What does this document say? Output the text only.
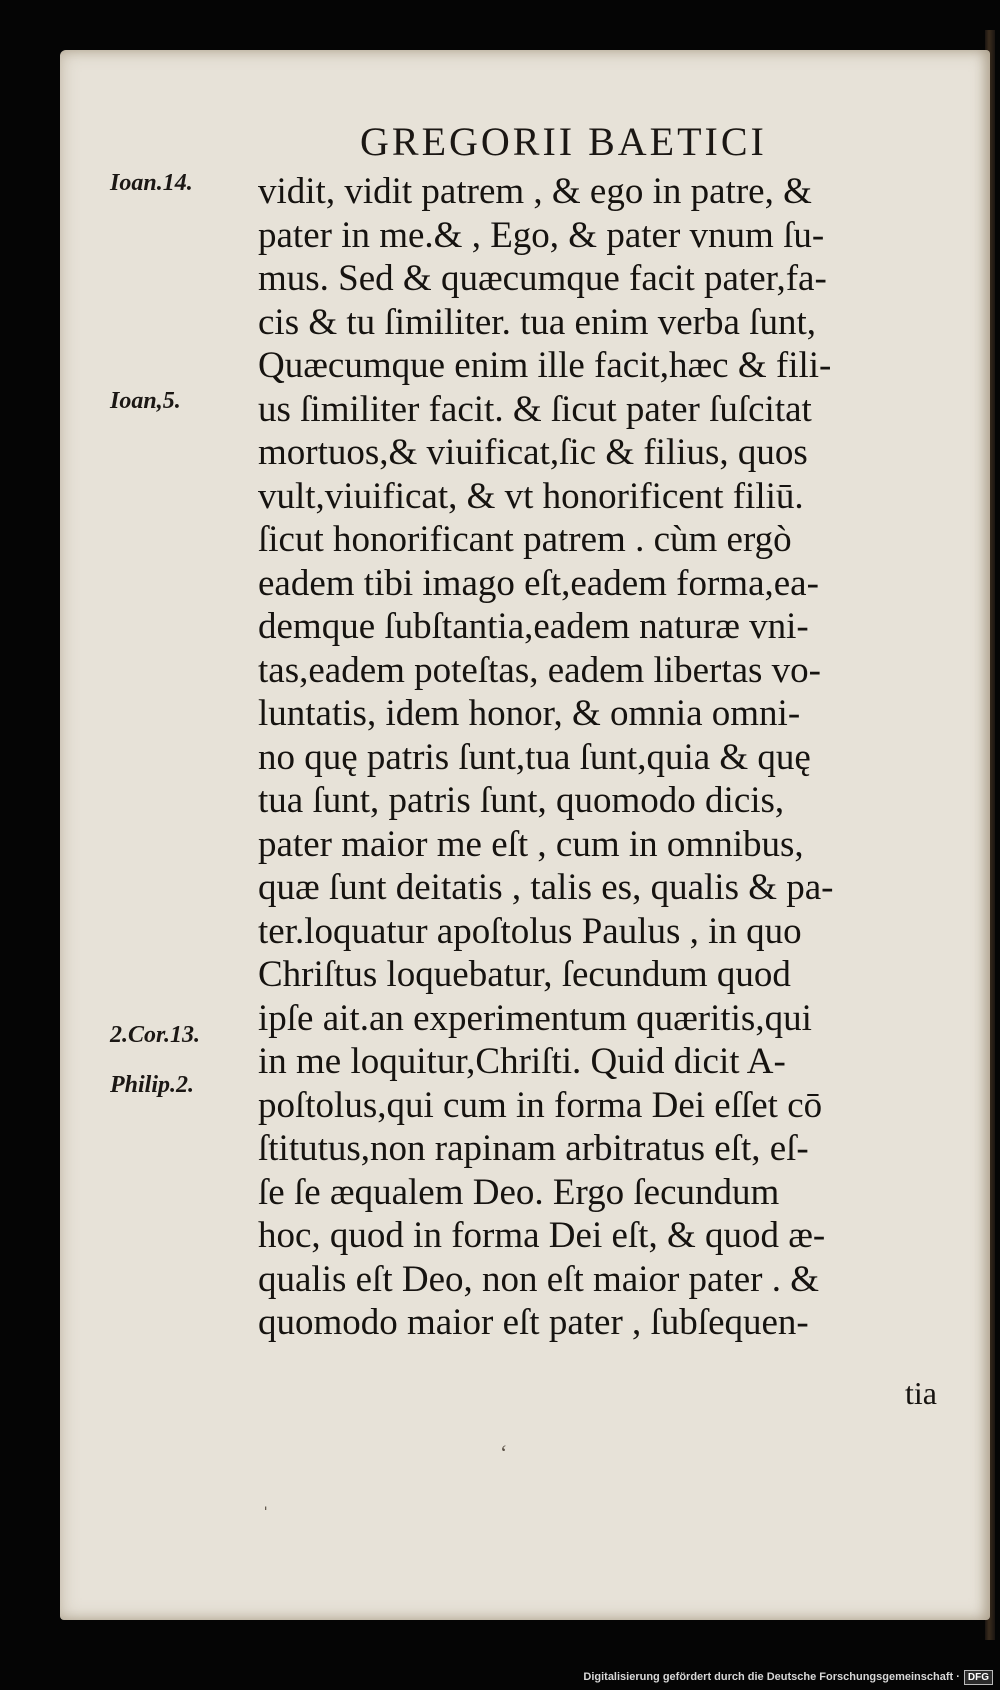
GREGORII BAETICI
Ioan.14.
Ioan,5.
2.Cor.13.
Philip.2.
vidit, vidit patrem , & ego in patre, &
pater in me.& , Ego, & pater vnum ſu-
mus. Sed & quæcumque facit pater,fa-
cis & tu ſimiliter. tua enim verba ſunt,
Quæcumque enim ille facit,hæc & fili-
us ſimiliter facit. & ſicut pater ſuſcitat
mortuos,& viuificat,ſic & filius, quos
vult,viuificat, & vt honorificent filiū.
ſicut honorificant patrem . cùm ergò
eadem tibi imago eſt,eadem forma,ea-
demque ſubſtantia,eadem naturæ vni-
tas,eadem poteſtas, eadem libertas vo-
luntatis, idem honor, & omnia omni-
no quę patris ſunt,tua ſunt,quia & quę
tua ſunt, patris ſunt, quomodo dicis,
pater maior me eſt , cum in omnibus,
quæ ſunt deitatis , talis es, qualis & pa-
ter.loquatur apoſtolus Paulus , in quo
Chriſtus loquebatur, ſecundum quod
ipſe ait.an experimentum quæritis,qui
in me loquitur,Chriſti. Quid dicit A-
poſtolus,qui cum in forma Dei eſſet cō
ſtitutus,non rapinam arbitratus eſt, eſ-
ſe ſe æqualem Deo. Ergo ſecundum
hoc, quod in forma Dei eſt, & quod æ-
qualis eſt Deo, non eſt maior pater . &
quomodo maior eſt pater , ſubſequen-
tia
‘
ˌ
Digitalisierung gefördert durch die Deutsche Forschungsgemeinschaft · DFG
